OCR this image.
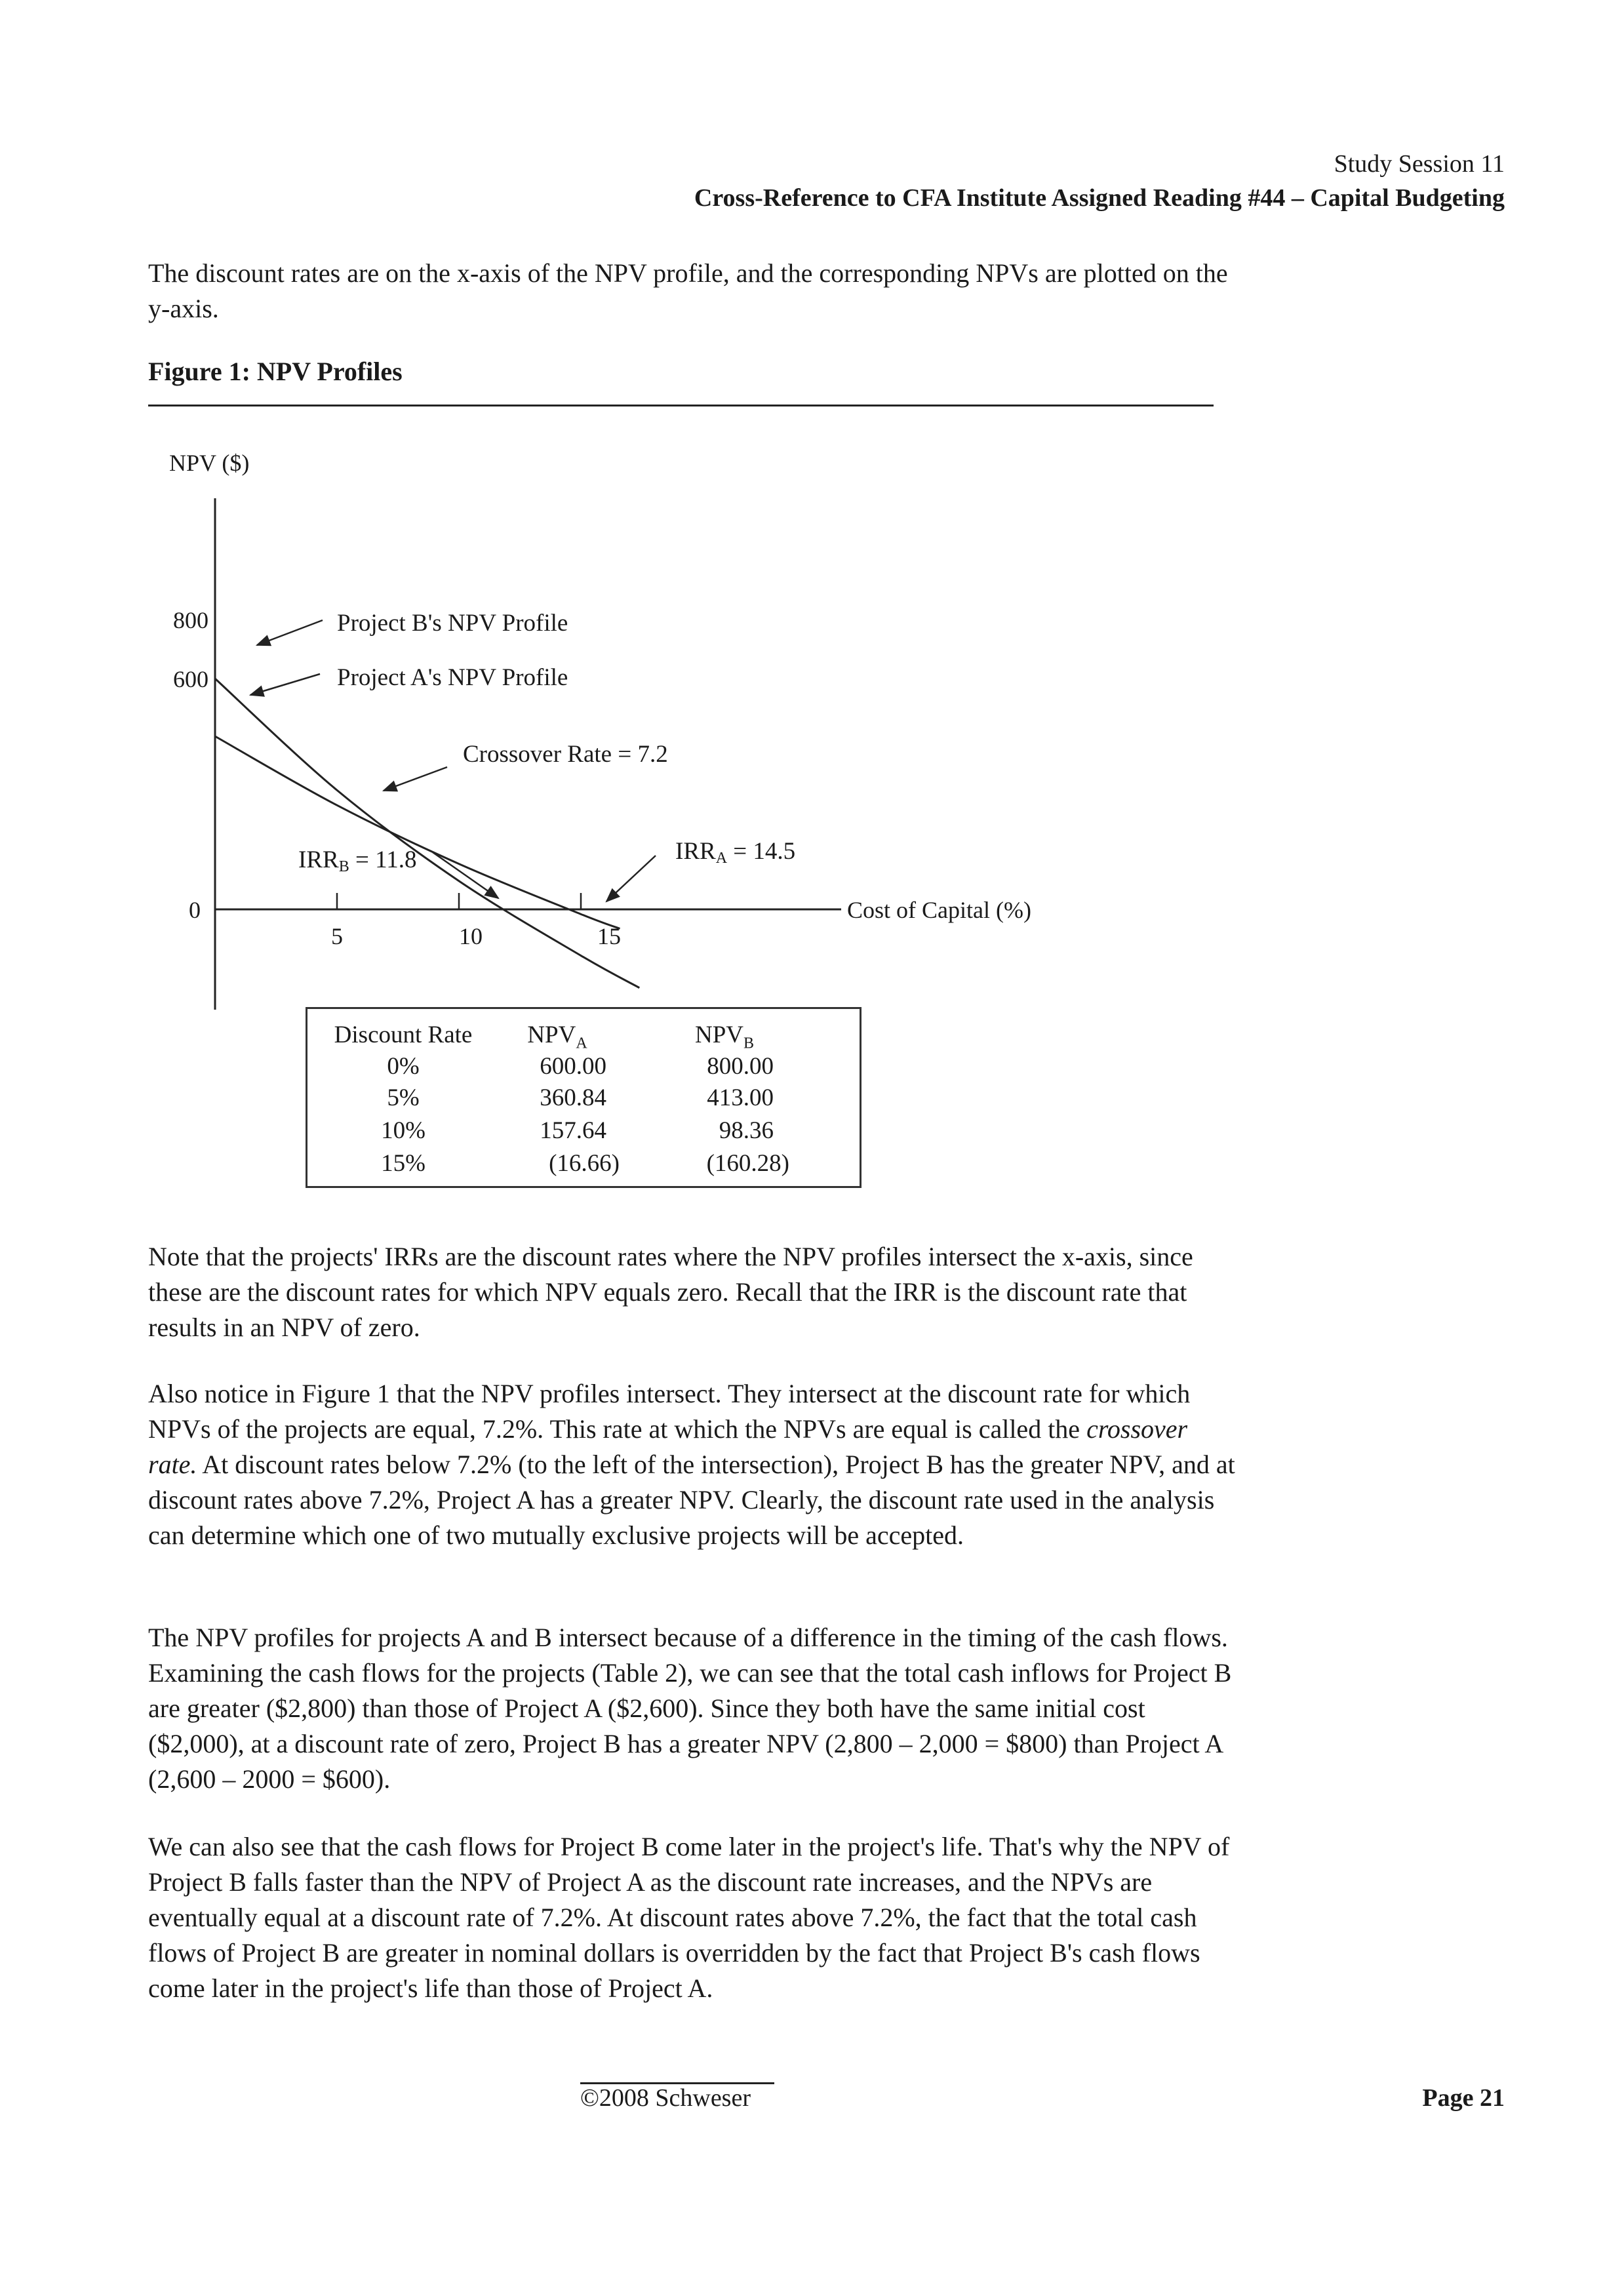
Study Session 11
Cross-Reference to CFA Institute Assigned Reading #44 – Capital Budgeting

The discount rates are on the x-axis of the NPV profile, and the corresponding NPVs are plotted on the y-axis.

Figure 1: NPV Profiles
NPV ($)
Cost of Capital (%)
800
600
0
5	10	15
Project B's NPV Profile
Project A's NPV Profile
Crossover Rate = 7.2
IRRB = 11.8	IRRA = 14.5
Discount Rate	$NPV_A$	$NPV_B$
0%	600.00	800.00
5%	360.84	413.00
10%	157.64	98.36
15%	(16.66)	(160.28)

Note that the projects' IRRs are the discount rates where the NPV profiles intersect the x-axis, since these are the discount rates for which NPV equals zero. Recall that the IRR is the discount rate that results in an NPV of zero.

Also notice in Figure 1 that the NPV profiles intersect. They intersect at the discount rate for which NPVs of the projects are equal, 7.2%. This rate at which the NPVs are equal is called the crossover rate. At discount rates below 7.2% (to the left of the intersection), Project B has the greater NPV, and at discount rates above 7.2%, Project A has a greater NPV. Clearly, the discount rate used in the analysis can determine which one of two mutually exclusive projects will be accepted.

The NPV profiles for projects A and B intersect because of a difference in the timing of the cash flows. Examining the cash flows for the projects (Table 2), we can see that the total cash inflows for Project B are greater ($2,800) than those of Project A ($2,600). Since they both have the same initial cost ($2,000), at a discount rate of zero, Project B has a greater NPV (2,800 – 2,000 = $800) than Project A (2,600 – 2000 = $600).

We can also see that the cash flows for Project B come later in the project's life. That's why the NPV of Project B falls faster than the NPV of Project A as the discount rate increases, and the NPVs are eventually equal at a discount rate of 7.2%. At discount rates above 7.2%, the fact that the total cash flows of Project B are greater in nominal dollars is overridden by the fact that Project B's cash flows come later in the project's life than those of Project A.

©2008 Schweser	Page 21
